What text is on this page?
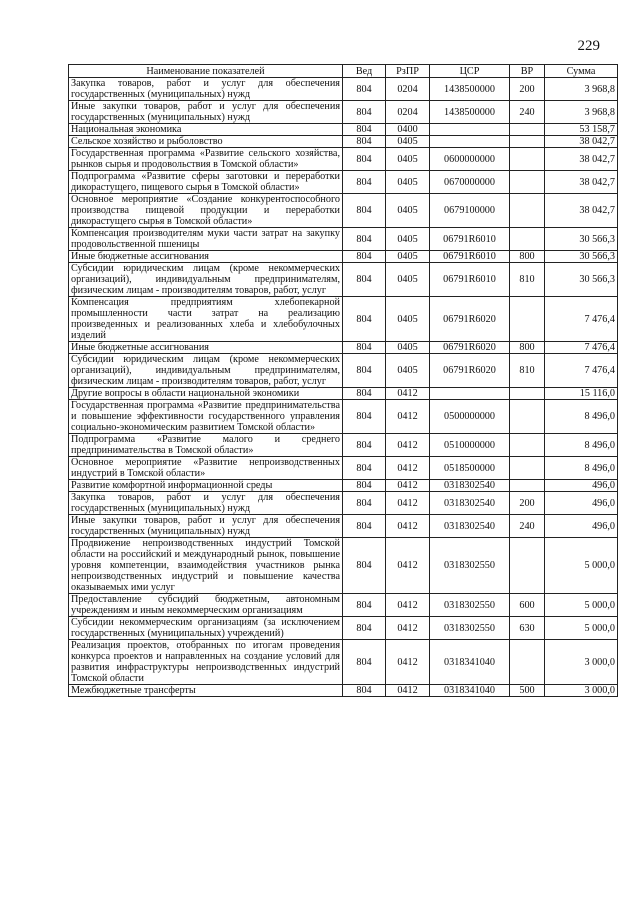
229
Наименование показателей	Вед	РзПР	ЦСР	ВР	Сумма
Закупка товаров, работ и услуг для обеспечения государственных (муниципальных) нужд	804	0204	1438500000	200	3 968,8
Иные закупки товаров, работ и услуг для обеспечения государственных (муниципальных) нужд	804	0204	1438500000	240	3 968,8
Национальная экономика	804	0400			53 158,7
Сельское хозяйство и рыболовство	804	0405			38 042,7
Государственная программа «Развитие сельского хозяйства, рынков сырья и продовольствия в Томской области»	804	0405	0600000000		38 042,7
Подпрограмма «Развитие сферы заготовки и переработки дикорастущего, пищевого сырья в Томской области»	804	0405	0670000000		38 042,7
Основное мероприятие «Создание конкурентоспособного производства пищевой продукции и переработки дикорастущего сырья в Томской области»	804	0405	0679100000		38 042,7
Компенсация производителям муки части затрат на закупку продовольственной пшеницы	804	0405	06791R6010		30 566,3
Иные бюджетные ассигнования	804	0405	06791R6010	800	30 566,3
Субсидии юридическим лицам (кроме некоммерческих организаций), индивидуальным предпринимателям, физическим лицам - производителям товаров, работ, услуг	804	0405	06791R6010	810	30 566,3
Компенсация предприятиям хлебопекарной промышленности части затрат на реализацию произведенных и реализованных хлеба и хлебобулочных изделий	804	0405	06791R6020		7 476,4
Иные бюджетные ассигнования	804	0405	06791R6020	800	7 476,4
Субсидии юридическим лицам (кроме некоммерческих организаций), индивидуальным предпринимателям, физическим лицам - производителям товаров, работ, услуг	804	0405	06791R6020	810	7 476,4
Другие вопросы в области национальной экономики	804	0412			15 116,0
Государственная программа «Развитие предпринимательства и повышение эффективности государственного управления социально-экономическим развитием Томской области»	804	0412	0500000000		8 496,0
Подпрограмма «Развитие малого и среднего предпринимательства в Томской области»	804	0412	0510000000		8 496,0
Основное мероприятие «Развитие непроизводственных индустрий в Томской области»	804	0412	0518500000		8 496,0
Развитие комфортной информационной среды	804	0412	0318302540		496,0
Закупка товаров, работ и услуг для обеспечения государственных (муниципальных) нужд	804	0412	0318302540	200	496,0
Иные закупки товаров, работ и услуг для обеспечения государственных (муниципальных) нужд	804	0412	0318302540	240	496,0
Продвижение непроизводственных индустрий Томской области на российский и международный рынок, повышение уровня компетенции, взаимодействия участников рынка непроизводственных индустрий и повышение качества оказываемых ими услуг	804	0412	0318302550		5 000,0
Предоставление субсидий бюджетным, автономным учреждениям и иным некоммерческим организациям	804	0412	0318302550	600	5 000,0
Субсидии некоммерческим организациям (за исключением государственных (муниципальных) учреждений)	804	0412	0318302550	630	5 000,0
Реализация проектов, отобранных по итогам проведения конкурса проектов и направленных на создание условий для развития инфраструктуры непроизводственных индустрий Томской области	804	0412	0318341040		3 000,0
Межбюджетные трансферты	804	0412	0318341040	500	3 000,0
